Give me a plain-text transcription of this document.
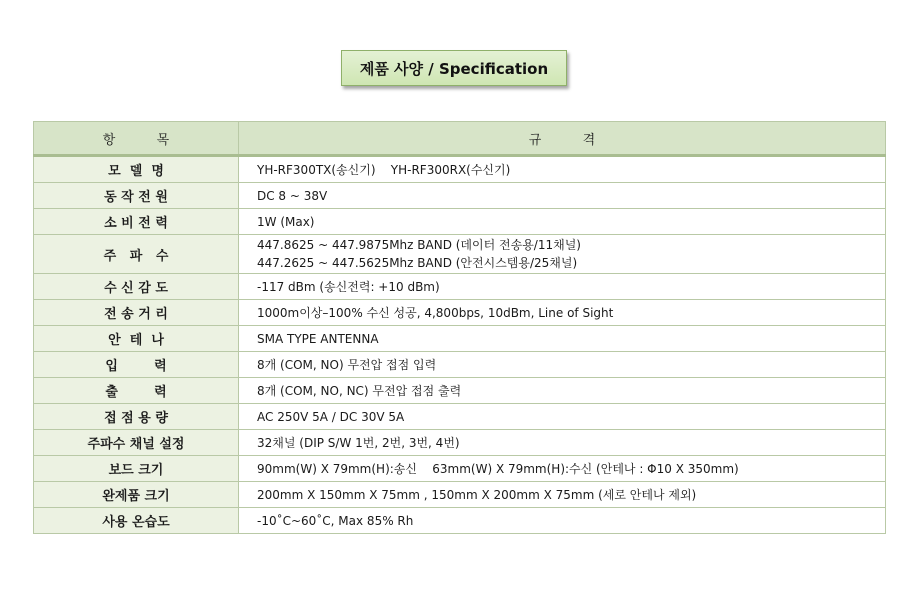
제품 사양 / Specification
항          목	규          격
모  델  명	YH-RF300TX(송신기)    YH-RF300RX(수신기)

동 작 전 원	DC 8 ~ 38V

소 비 전 력	1W (Max)

주   파   수	447.8625 ~ 447.9875Mhz BAND (데이터 전송용/11채널)
447.2625 ~ 447.5625Mhz BAND (안전시스템용/25채널)

수 신 감 도	-117 dBm (송신전력: +10 dBm)

전 송 거 리	1000m이상–100% 수신 성공, 4,800bps, 10dBm, Line of Sight

안  테  나	SMA TYPE ANTENNA

입        력	8개 (COM, NO) 무전압 접점 입력

출        력	8개 (COM, NO, NC) 무전압 접점 출력

접 점 용 량	AC 250V 5A / DC 30V 5A

주파수 채널 설정	32채널 (DIP S/W 1번, 2번, 3번, 4번)

보드 크기	90mm(W) X 79mm(H):송신    63mm(W) X 79mm(H):수신 (안테나 : Φ10 X 350mm)

완제품 크기	200mm X 150mm X 75mm , 150mm X 200mm X 75mm (세로 안테나 제외)

사용 온습도	-10˚C~60˚C, Max 85% Rh
